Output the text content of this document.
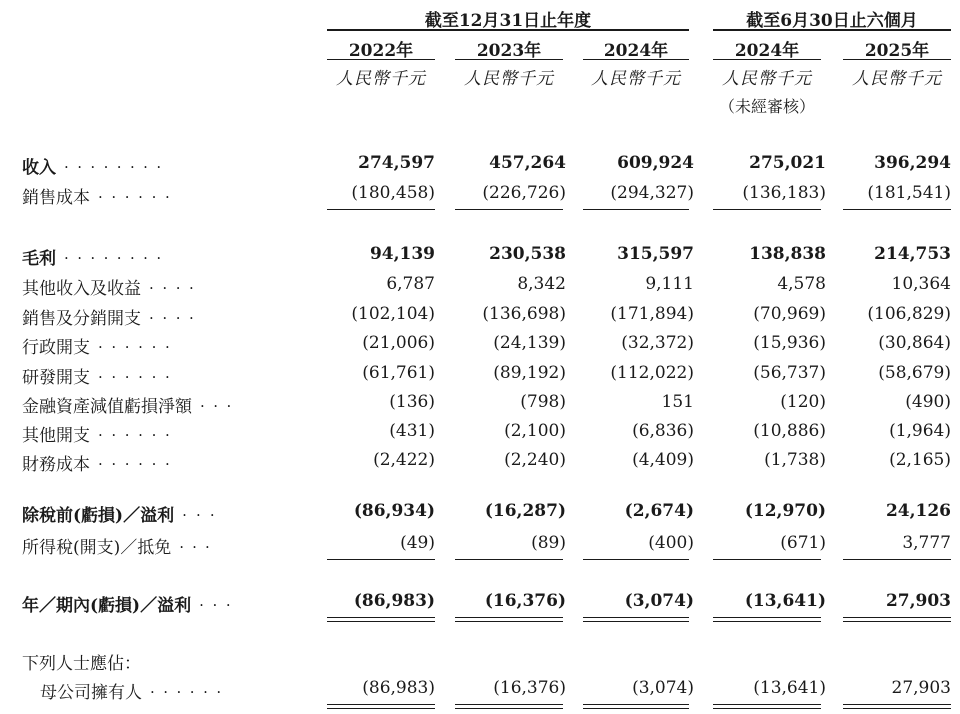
截至12月31日止年度	截至6月30日止六個月
2022年	2023年	2024年	2024年	2025年
人民幣千元	人民幣千元	人民幣千元	人民幣千元	人民幣千元
（未經審核）
收入 ........	274,597	457,264	609,924	275,021	396,294
銷售成本 ......	(180,458)	(226,726)	(294,327)	(136,183)	(181,541)
毛利 ........	94,139	230,538	315,597	138,838	214,753
其他收入及收益 ....	6,787	8,342	9,111	4,578	10,364
銷售及分銷開支 ....	(102,104)	(136,698)	(171,894)	(70,969)	(106,829)
行政開支 ......	(21,006)	(24,139)	(32,372)	(15,936)	(30,864)
研發開支 ......	(61,761)	(89,192)	(112,022)	(56,737)	(58,679)
金融資產減值虧損淨額 ...	(136)	(798)	151	(120)	(490)
其他開支 ......	(431)	(2,100)	(6,836)	(10,886)	(1,964)
財務成本 ......	(2,422)	(2,240)	(4,409)	(1,738)	(2,165)
除稅前(虧損)／溢利 ...	(86,934)	(16,287)	(2,674)	(12,970)	24,126
所得稅(開支)／抵免 ...	(49)	(89)	(400)	(671)	3,777
年／期內(虧損)／溢利 ...	(86,983)	(16,376)	(3,074)	(13,641)	27,903
下列人士應佔：
母公司擁有人 ......	(86,983)	(16,376)	(3,074)	(13,641)	27,903
